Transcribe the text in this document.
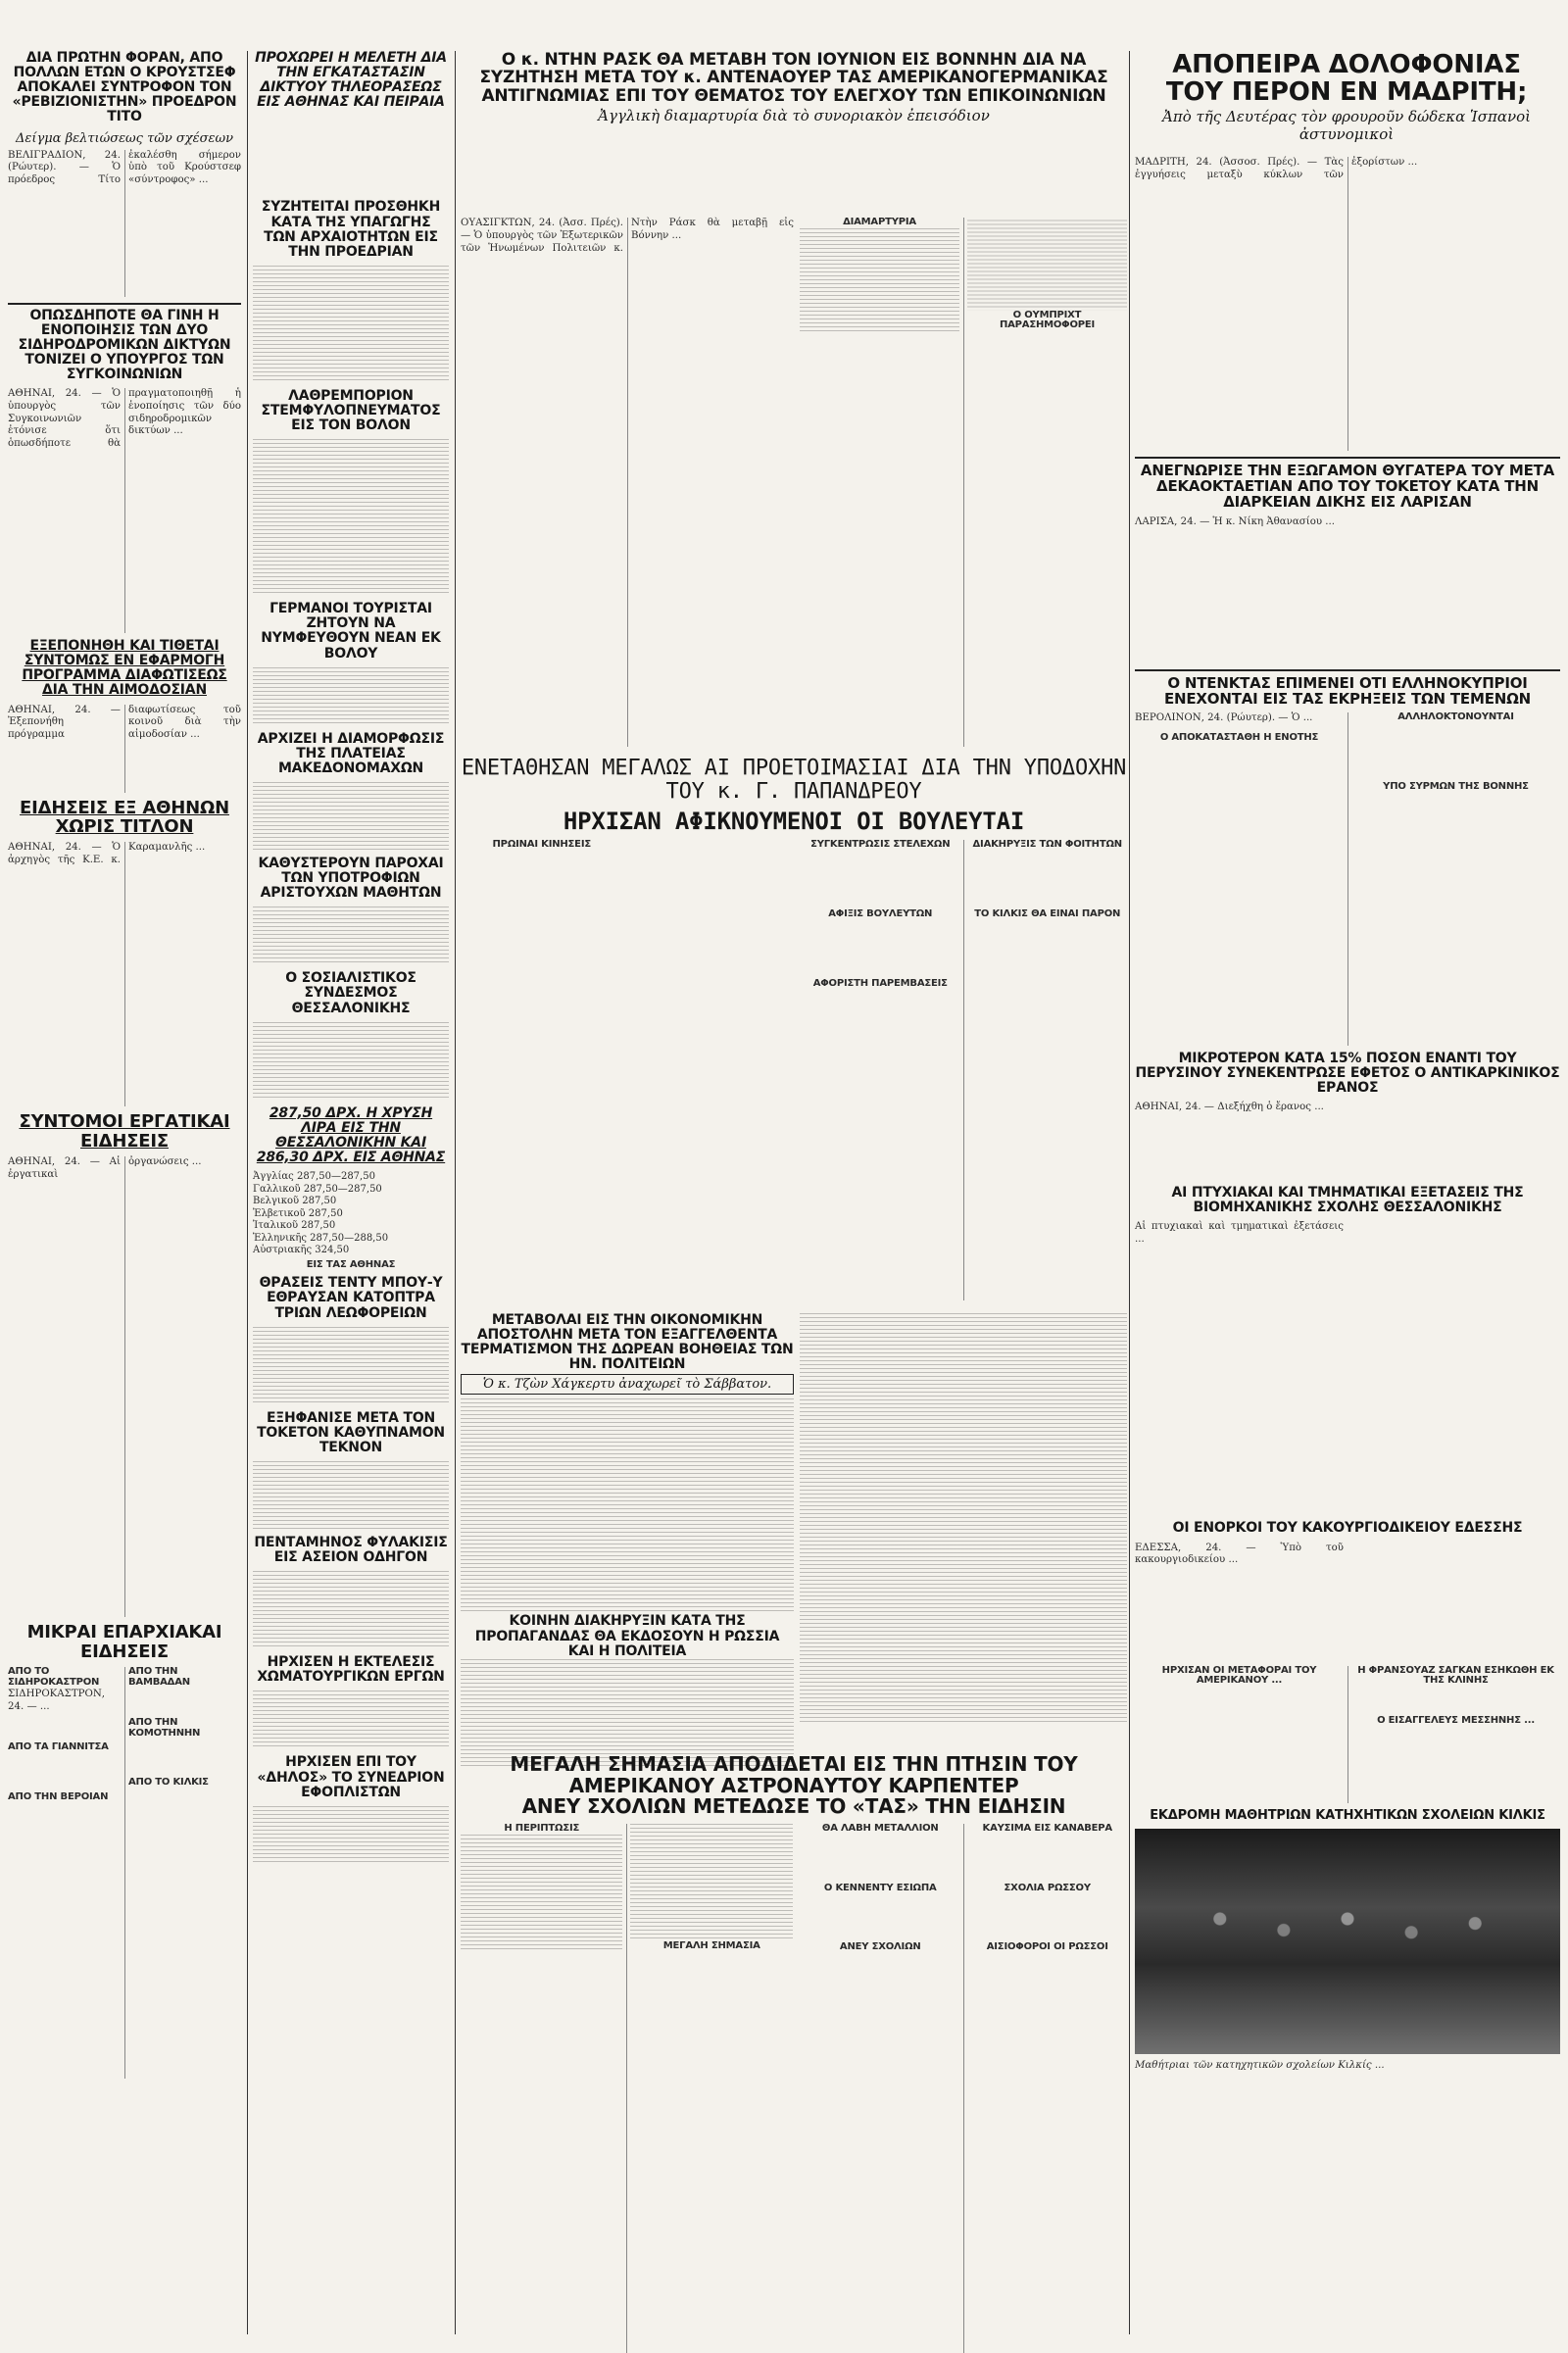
ΔΙΑ ΠΡΩΤΗΝ ΦΟΡΑΝ, ΑΠΟ ΠΟΛΛΩΝ ΕΤΩΝ Ο ΚΡΟΥΣΤΣΕΦ ΑΠΟΚΑΛΕΙ ΣΥΝΤΡΟΦΟΝ ΤΟΝ «ΡΕΒΙΖΙΟΝΙΣΤΗΝ» ΠΡΟΕΔΡΟΝ ΤΙΤΟ
Δείγμα βελτιώσεως τῶν σχέσεων
ΒΕΛΙΓΡΑΔΙΟΝ, 24. (Ρώυτερ). — Ὁ πρόεδρος Τίτο ἐκαλέσθη σήμερον ὑπὸ τοῦ Κρούστσεφ «σύντροφος» ...
ΟΠΩΣΔΗΠΟΤΕ ΘΑ ΓΙΝΗ Η ΕΝΟΠΟΙΗΣΙΣ ΤΩΝ ΔΥΟ ΣΙΔΗΡΟΔΡΟΜΙΚΩΝ ΔΙΚΤΥΩΝ ΤΟΝΙΖΕΙ Ο ΥΠΟΥΡΓΟΣ ΤΩΝ ΣΥΓΚΟΙΝΩΝΙΩΝ
ΑΘΗΝΑΙ, 24. — Ὁ ὑπουργὸς τῶν Συγκοινωνιῶν ἐτόνισε ὅτι ὁπωσδήποτε θὰ πραγματοποιηθῇ ἡ ἑνοποίησις τῶν δύο σιδηροδρομικῶν δικτύων ...
ΕΞΕΠΟΝΗΘΗ ΚΑΙ ΤΙΘΕΤΑΙ ΣΥΝΤΟΜΩΣ ΕΝ ΕΦΑΡΜΟΓΗ ΠΡΟΓΡΑΜΜΑ ΔΙΑΦΩΤΙΣΕΩΣ ΔΙΑ ΤΗΝ ΑΙΜΟΔΟΣΙΑΝ
ΑΘΗΝΑΙ, 24. — Ἐξεπονήθη πρόγραμμα διαφωτίσεως τοῦ κοινοῦ διὰ τὴν αἱμοδοσίαν ...
ΕΙΔΗΣΕΙΣ ΕΞ ΑΘΗΝΩΝ ΧΩΡΙΣ ΤΙΤΛΟΝ
ΑΘΗΝΑΙ, 24. — Ὁ ἀρχηγὸς τῆς Κ.Ε. κ. Καραμανλῆς ...
ΣΥΝΤΟΜΟΙ ΕΡΓΑΤΙΚΑΙ ΕΙΔΗΣΕΙΣ
ΑΘΗΝΑΙ, 24. — Αἱ ἐργατικαὶ ὀργανώσεις ...
ΜΙΚΡΑΙ ΕΠΑΡΧΙΑΚΑΙ ΕΙΔΗΣΕΙΣ
ΑΠΟ ΤΟ ΣΙΔΗΡΟΚΑΣΤΡΟΝ
ΣΙΔΗΡΟΚΑΣΤΡΟΝ, 24. — ...
ΑΠΟ ΤΑ ΓΙΑΝΝΙΤΣΑ
ΑΠΟ ΤΗΝ ΒΕΡΟΙΑΝ
ΑΠΟ ΤΗΝ ΒΑΜΒΑΔΑΝ
ΑΠΟ ΤΗΝ ΚΟΜΟΤΗΝΗΝ
ΑΠΟ ΤΟ ΚΙΛΚΙΣ
ΠΡΟΧΩΡΕΙ Η ΜΕΛΕΤΗ ΔΙΑ ΤΗΝ ΕΓΚΑΤΑΣΤΑΣΙΝ ΔΙΚΤΥΟΥ ΤΗΛΕΟΡΑΣΕΩΣ ΕΙΣ ΑΘΗΝΑΣ ΚΑΙ ΠΕΙΡΑΙΑ
ΣΥΖΗΤΕΙΤΑΙ ΠΡΟΣΘΗΚΗ ΚΑΤΑ ΤΗΣ ΥΠΑΓΩΓΗΣ ΤΩΝ ΑΡΧΑΙΟΤΗΤΩΝ ΕΙΣ ΤΗΝ ΠΡΟΕΔΡΙΑΝ
ΛΑΘΡΕΜΠΟΡΙΟΝ ΣΤΕΜΦΥΛΟΠΝΕΥΜΑΤΟΣ ΕΙΣ ΤΟΝ ΒΟΛΟΝ
ΓΕΡΜΑΝΟΙ ΤΟΥΡΙΣΤΑΙ ΖΗΤΟΥΝ ΝΑ ΝΥΜΦΕΥΘΟΥΝ ΝΕΑΝ ΕΚ ΒΟΛΟΥ
ΑΡΧΙΖΕΙ Η ΔΙΑΜΟΡΦΩΣΙΣ ΤΗΣ ΠΛΑΤΕΙΑΣ ΜΑΚΕΔΟΝΟΜΑΧΩΝ
ΚΑΘΥΣΤΕΡΟΥΝ ΠΑΡΟΧΑΙ ΤΩΝ ΥΠΟΤΡΟΦΙΩΝ ΑΡΙΣΤΟΥΧΩΝ ΜΑΘΗΤΩΝ
Ο ΣΟΣΙΑΛΙΣΤΙΚΟΣ ΣΥΝΔΕΣΜΟΣ ΘΕΣΣΑΛΟΝΙΚΗΣ
287,50 ΔΡΧ. Η ΧΡΥΣΗ ΛΙΡΑ ΕΙΣ ΤΗΝ ΘΕΣΣΑΛΟΝΙΚΗΝ ΚΑΙ 286,30 ΔΡΧ. ΕΙΣ ΑΘΗΝΑΣ
Ἀγγλίας 287,50—287,50
Γαλλικοῦ 287,50—287,50
Βελγικοῦ 287,50
Ἐλβετικοῦ 287,50
Ἰταλικοῦ 287,50
Ἑλληνικῆς 287,50—288,50
Αὐστριακῆς 324,50
ΕΙΣ ΤΑΣ ΑΘΗΝΑΣ
ΘΡΑΣΕΙΣ ΤΕΝΤΥ ΜΠΟΥ-Υ ΕΘΡΑΥΣΑΝ ΚΑΤΟΠΤΡΑ ΤΡΙΩΝ ΛΕΩΦΟΡΕΙΩΝ
ΕΞΗΦΑΝΙΣΕ ΜΕΤΑ ΤΟΝ ΤΟΚΕΤΟΝ ΚΑΘΥΠΝΑΜΟΝ ΤΕΚΝΟΝ
ΠΕΝΤΑΜΗΝΟΣ ΦΥΛΑΚΙΣΙΣ ΕΙΣ ΑΣΕΙΟΝ ΟΔΗΓΟΝ
ΗΡΧΙΣΕΝ Η ΕΚΤΕΛΕΣΙΣ ΧΩΜΑΤΟΥΡΓΙΚΩΝ ΕΡΓΩΝ
ΗΡΧΙΣΕΝ ΕΠΙ ΤΟΥ «ΔΗΛΟΣ» ΤΟ ΣΥΝΕΔΡΙΟΝ ΕΦΟΠΛΙΣΤΩΝ
Ο κ. ΝΤΗΝ ΡΑΣΚ ΘΑ ΜΕΤΑΒΗ ΤΟΝ ΙΟΥΝΙΟΝ ΕΙΣ ΒΟΝΝΗΝ ΔΙΑ ΝΑ ΣΥΖΗΤΗΣΗ ΜΕΤΑ ΤΟΥ κ. ΑΝΤΕΝΑΟΥΕΡ ΤΑΣ ΑΜΕΡΙΚΑΝΟΓΕΡΜΑΝΙΚΑΣ ΑΝΤΙΓΝΩΜΙΑΣ ΕΠΙ ΤΟΥ ΘΕΜΑΤΟΣ ΤΟΥ ΕΛΕΓΧΟΥ ΤΩΝ ΕΠΙΚΟΙΝΩΝΙΩΝ
Ἀγγλικὴ διαμαρτυρία διὰ τὸ συνοριακὸν ἐπεισόδιον
ΑΠΟΠΕΙΡΑ ΔΟΛΟΦΟΝΙΑΣ
ΤΟΥ ΠΕΡΟΝ ΕΝ ΜΑΔΡΙΤΗ;
Ἀπὸ τῆς Δευτέρας τὸν φρουροῦν δώδεκα Ἱσπανοὶ ἀστυνομικοὶ
ΟΥΑΣΙΓΚΤΩΝ, 24. (Ἀσσ. Πρές). — Ὁ ὑπουργὸς τῶν Ἐξωτερικῶν τῶν Ἡνωμένων Πολιτειῶν κ. Ντὴν Ράσκ θὰ μεταβῇ εἰς Βόννην ...
ΔΙΑΜΑΡΤΥΡΙΑ
Ο ΟΥΜΠΡΙΧΤ ΠΑΡΑΣΗΜΟΦΟΡΕΙ
ΕΝΕΤΑΘΗΣΑΝ ΜΕΓΑΛΩΣ ΑΙ ΠΡΟΕΤΟΙΜΑΣΙΑΙ ΔΙΑ ΤΗΝ ΥΠΟΔΟΧΗΝ ΤΟΥ κ. Γ. ΠΑΠΑΝΔΡΕΟΥ
ΗΡΧΙΣΑΝ ΑΦΙΚΝΟΥΜΕΝΟΙ ΟΙ ΒΟΥΛΕΥΤΑΙ
ΠΡΩΙΝΑΙ ΚΙΝΗΣΕΙΣ	ΣΥΓΚΕΝΤΡΩΣΙΣ ΣΤΕΛΕΧΩΝ
ΑΦΙΞΙΣ ΒΟΥΛΕΥΤΩΝ
ΑΦΟΡΙΣΤΗ ΠΑΡΕΜΒΑΣΕΙΣ
ΔΙΑΚΗΡΥΞΙΣ ΤΩΝ ΦΟΙΤΗΤΩΝ
ΤΟ ΚΙΛΚΙΣ ΘΑ ΕΙΝΑΙ ΠΑΡΟΝ
ΜΕΤΑΒΟΛΑΙ ΕΙΣ ΤΗΝ ΟΙΚΟΝΟΜΙΚΗΝ ΑΠΟΣΤΟΛΗΝ ΜΕΤΑ ΤΟΝ ΕΞΑΓΓΕΛΘΕΝΤΑ ΤΕΡΜΑΤΙΣΜΟΝ ΤΗΣ ΔΩΡΕΑΝ ΒΟΗΘΕΙΑΣ ΤΩΝ ΗΝ. ΠΟΛΙΤΕΙΩΝ
Ὁ κ. Τζὼν Χάγκερτυ ἀναχωρεῖ τὸ Σάββατον.
ΚΟΙΝΗΝ ΔΙΑΚΗΡΥΞΙΝ ΚΑΤΑ ΤΗΣ ΠΡΟΠΑΓΑΝΔΑΣ ΘΑ ΕΚΔΟΣΟΥΝ Η ΡΩΣΣΙΑ ΚΑΙ Η ΠΟΛΙΤΕΙΑ
ΜΕΓΑΛΗ ΣΗΜΑΣΙΑ ΑΠΟΔΙΔΕΤΑΙ ΕΙΣ ΤΗΝ ΠΤΗΣΙΝ ΤΟΥ ΑΜΕΡΙΚΑΝΟΥ ΑΣΤΡΟΝΑΥΤΟΥ ΚΑΡΠΕΝΤΕΡ
ΑΝΕΥ ΣΧΟΛΙΩΝ ΜΕΤΕΔΩΣΕ ΤΟ «ΤΑΣ» ΤΗΝ ΕΙΔΗΣΙΝ
Η ΠΕΡΙΠΤΩΣΙΣ
ΜΕΓΑΛΗ ΣΗΜΑΣΙΑ
ΘΑ ΛΑΒΗ ΜΕΤΑΛΛΙΟΝ
Ο ΚΕΝΝΕΝΤΥ ΕΣΙΩΠΑ
ΑΝΕΥ ΣΧΟΛΙΩΝ
ΚΑΥΣΙΜΑ ΕΙΣ ΚΑΝΑΒΕΡΑ
ΣΧΟΛΙΑ ΡΩΣΣΟΥ
ΑΙΣΙΟΦΟΡΟΙ ΟΙ ΡΩΣΣΟΙ
ΜΑΔΡΙΤΗ, 24. (Ἀσσοσ. Πρές). — Τὰς ἐγγυήσεις μεταξὺ κύκλων τῶν ἐξορίστων ...
ΑΝΕΓΝΩΡΙΣΕ ΤΗΝ ΕΞΩΓΑΜΟΝ ΘΥΓΑΤΕΡΑ ΤΟΥ ΜΕΤΑ ΔΕΚΑΟΚΤΑΕΤΙΑΝ ΑΠΟ ΤΟΥ ΤΟΚΕΤΟΥ ΚΑΤΑ ΤΗΝ ΔΙΑΡΚΕΙΑΝ ΔΙΚΗΣ ΕΙΣ ΛΑΡΙΣΑΝ
ΛΑΡΙΣΑ, 24. — Ἡ κ. Νίκη Ἀθανασίου ...
Ο ΝΤΕΝΚΤΑΣ ΕΠΙΜΕΝΕΙ ΟΤΙ ΕΛΛΗΝΟΚΥΠΡΙΟΙ ΕΝΕΧΟΝΤΑΙ ΕΙΣ ΤΑΣ ΕΚΡΗΞΕΙΣ ΤΩΝ ΤΕΜΕΝΩΝ
ΒΕΡΟΛΙΝΟΝ, 24. (Ρώυτερ). — Ὁ ...
Ο ΑΠΟΚΑΤΑΣΤΑΘΗ Η ΕΝΟΤΗΣ
ΑΛΛΗΛΟΚΤΟΝΟΥΝΤΑΙ
ΥΠΟ ΣΥΡΜΩΝ ΤΗΣ ΒΟΝΝΗΣ
ΜΙΚΡΟΤΕΡΟΝ ΚΑΤΑ 15% ΠΟΣΟΝ ΕΝΑΝΤΙ ΤΟΥ ΠΕΡΥΣΙΝΟΥ ΣΥΝΕΚΕΝΤΡΩΣΕ ΕΦΕΤΟΣ Ο ΑΝΤΙΚΑΡΚΙΝΙΚΟΣ ΕΡΑΝΟΣ
ΑΘΗΝΑΙ, 24. — Διεξήχθη ὁ ἔρανος ...
ΑΙ ΠΤΥΧΙΑΚΑΙ ΚΑΙ ΤΜΗΜΑΤΙΚΑΙ ΕΞΕΤΑΣΕΙΣ ΤΗΣ ΒΙΟΜΗΧΑΝΙΚΗΣ ΣΧΟΛΗΣ ΘΕΣΣΑΛΟΝΙΚΗΣ
Αἱ πτυχιακαὶ καὶ τμηματικαὶ ἐξετάσεις ...
ΟΙ ΕΝΟΡΚΟΙ ΤΟΥ ΚΑΚΟΥΡΓΙΟΔΙΚΕΙΟΥ ΕΔΕΣΣΗΣ
ΕΔΕΣΣΑ, 24. — Ὑπὸ τοῦ κακουργιοδικείου ...
ΗΡΧΙΣΑΝ ΟΙ ΜΕΤΑΦΟΡΑΙ ΤΟΥ ΑΜΕΡΙΚΑΝΟΥ ...
Η ΦΡΑΝΣΟΥΑΖ ΣΑΓΚΑΝ ΕΣΗΚΩΘΗ ΕΚ ΤΗΣ ΚΛΙΝΗΣ
Ο ΕΙΣΑΓΓΕΛΕΥΣ ΜΕΣΣΗΝΗΣ ...
ΕΚΔΡΟΜΗ ΜΑΘΗΤΡΙΩΝ ΚΑΤΗΧΗΤΙΚΩΝ ΣΧΟΛΕΙΩΝ ΚΙΛΚΙΣ
Μαθήτριαι τῶν κατηχητικῶν σχολείων Κιλκίς ...
